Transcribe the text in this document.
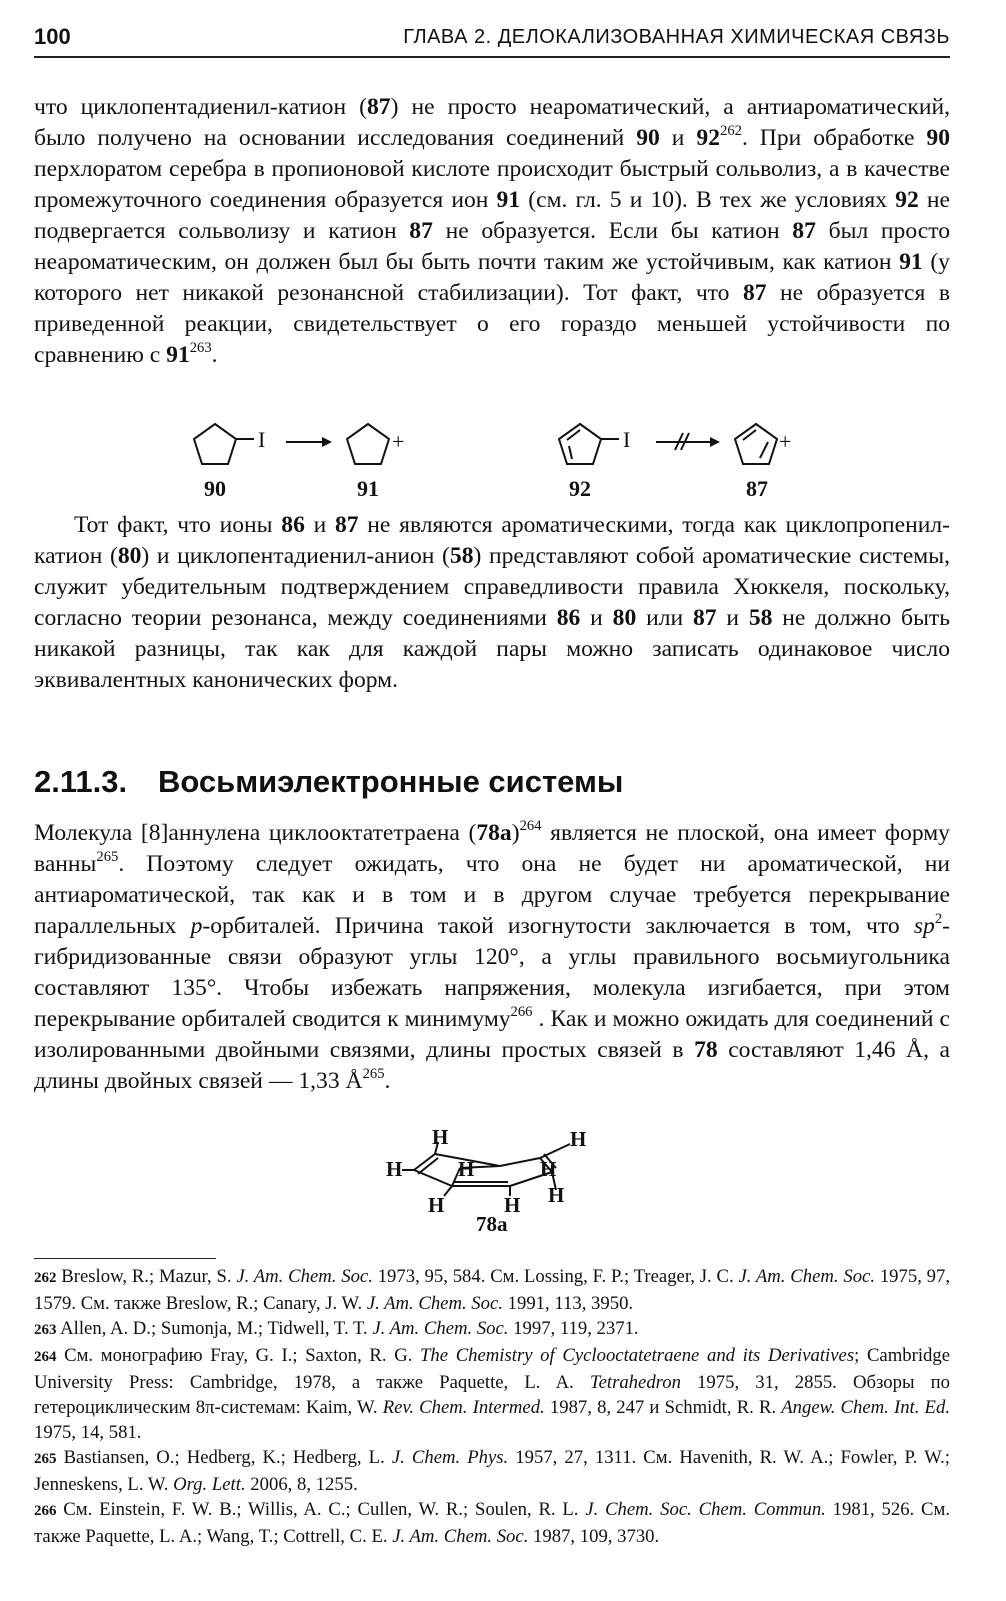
100	ГЛАВА 2. ДЕЛОКАЛИЗОВАННАЯ ХИМИЧЕСКАЯ СВЯЗЬ

что циклопентадиенил-катион (87) не просто неароматический, а антиароматический, было получено на основании исследования соединений 90 и $92^{262}$. При обработке 90 перхлоратом серебра в пропионовой кислоте происходит быстрый сольволиз, а в качестве промежуточного соединения образуется ион 91 (см. гл. 5 и 10). В тех же условиях 92 не подвергается сольволизу и катион 87 не образуется. Если бы катион 87 был просто неароматическим, он должен был бы быть почти таким же устойчивым, как катион 91 (у которого нет никакой резонансной стабилизации). Тот факт, что 87 не образуется в приведенной реакции, свидетельствует о его гораздо меньшей устойчивости по сравнению с $91^{263}$.

I	+	I	+
90	91	92	87

Тот факт, что ионы 86 и 87 не являются ароматическими, тогда как циклопропенил-катион (80) и циклопентадиенил-анион (58) представляют собой ароматические системы, служит убедительным подтверждением справедливости правила Хюккеля, поскольку, согласно теории резонанса, между соединениями 86 и 80 или 87 и 58 не должно быть никакой разницы, так как для каждой пары можно записать одинаковое число эквивалентных канонических форм.

2.11.3. Восьмиэлектронные системы

Молекула [8]аннулена циклооктатетраена $(78a)^{264}$ является не плоской, она имеет форму ванны$^{265}$. Поэтому следует ожидать, что она не будет ни ароматической, ни антиароматической, так как и в том и в другом случае требуется перекрывание параллельных p-орбиталей. Причина такой изогнутости заключается в том, что $sp^2$-гибридизованные связи образуют углы 120°, а углы правильного восьмиугольника составляют 135°. Чтобы избежать напряжения, молекула изгибается, при этом перекрывание орбиталей сводится к минимуму$^{266}$ . Как и можно ожидать для соединений с изолированными двойными связями, длины простых связей в 78 составляют 1,46 Å, а длины двойных связей — 1,33 $Å^{265}$.

H	H
H	H	H
H
H	H
78a

262 Breslow, R.; Mazur, S. J. Am. Chem. Soc. 1973, 95, 584. См. Lossing, F. P.; Treager, J. C. J. Am. Chem. Soc. 1975, 97, 1579. См. также Breslow, R.; Canary, J. W. J. Am. Chem. Soc. 1991, 113, 3950.

263 Allen, A. D.; Sumonja, M.; Tidwell, T. T. J. Am. Chem. Soc. 1997, 119, 2371.

264 См. монографию Fray, G. I.; Saxton, R. G. The Chemistry of Cyclooctatetraene and its Derivatives; Cambridge University Press: Cambridge, 1978, а также Paquette, L. A. Tetrahedron 1975, 31, 2855. Обзоры по гетероциклическим 8π-системам: Kaim, W. Rev. Chem. Intermed. 1987, 8, 247 и Schmidt, R. R. Angew. Chem. Int. Ed. 1975, 14, 581.

265 Bastiansen, O.; Hedberg, K.; Hedberg, L. J. Chem. Phys. 1957, 27, 1311. См. Havenith, R. W. A.; Fowler, P. W.; Jenneskens, L. W. Org. Lett. 2006, 8, 1255.

266 См. Einstein, F. W. B.; Willis, A. C.; Cullen, W. R.; Soulen, R. L. J. Chem. Soc. Chem. Commun. 1981, 526. См. также Paquette, L. A.; Wang, T.; Cottrell, C. E. J. Am. Chem. Soc. 1987, 109, 3730.
